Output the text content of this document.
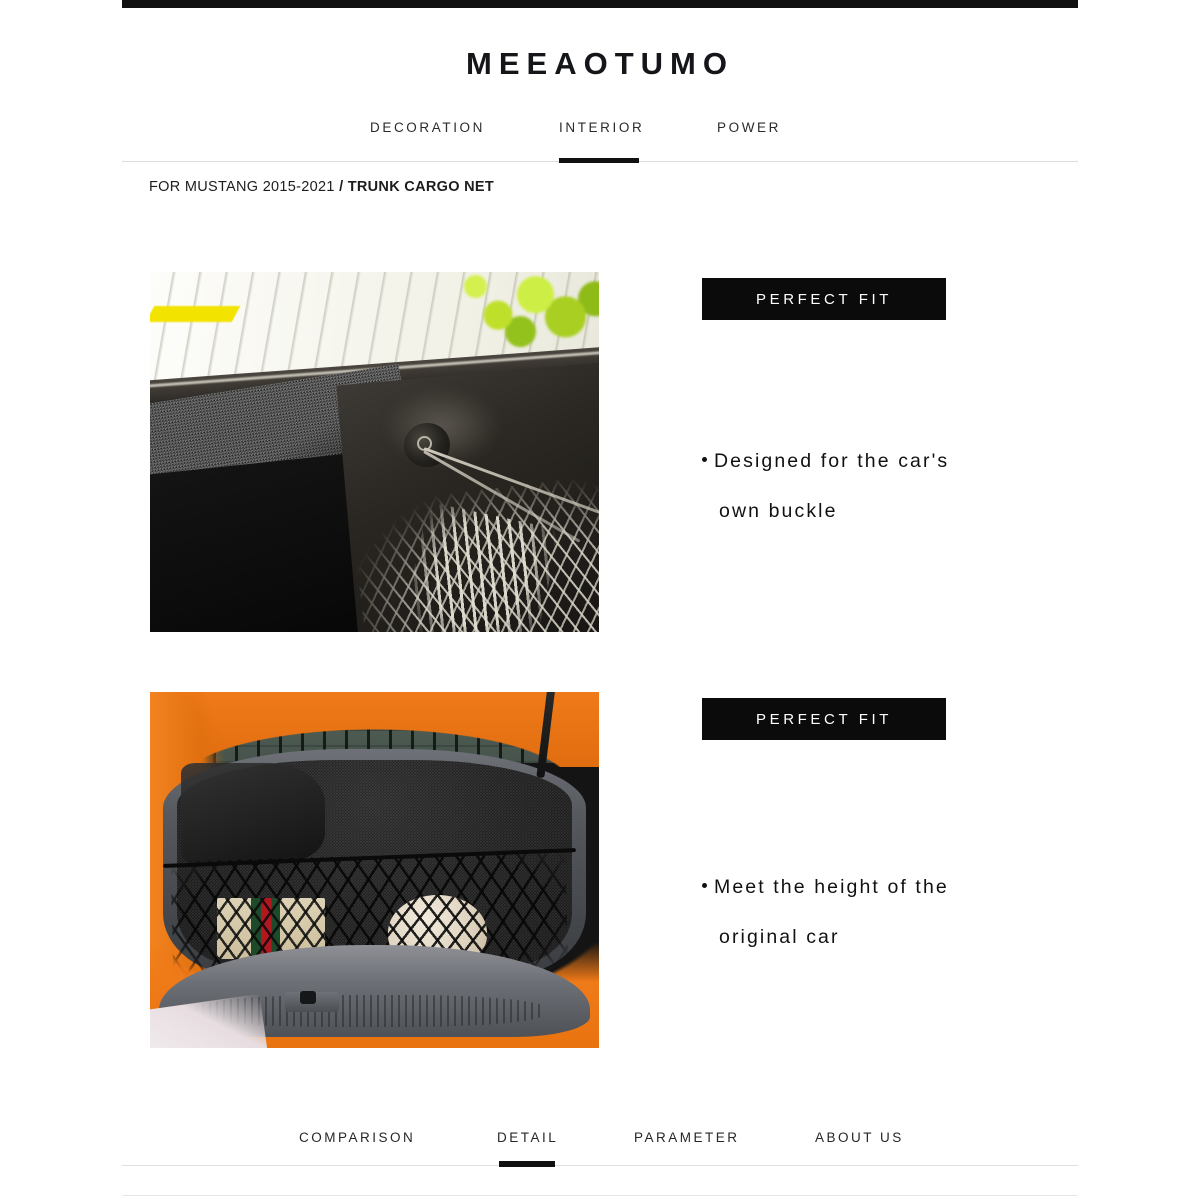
MEEAOTUMO
DECORATION	INTERIOR	POWER
FOR MUSTANG 2015-2021 / TRUNK CARGO NET
PERFECT FIT
Designed for the car's
own buckle
PERFECT FIT
Meet the height of the
original car
COMPARISON	DETAIL	PARAMETER	ABOUT US
